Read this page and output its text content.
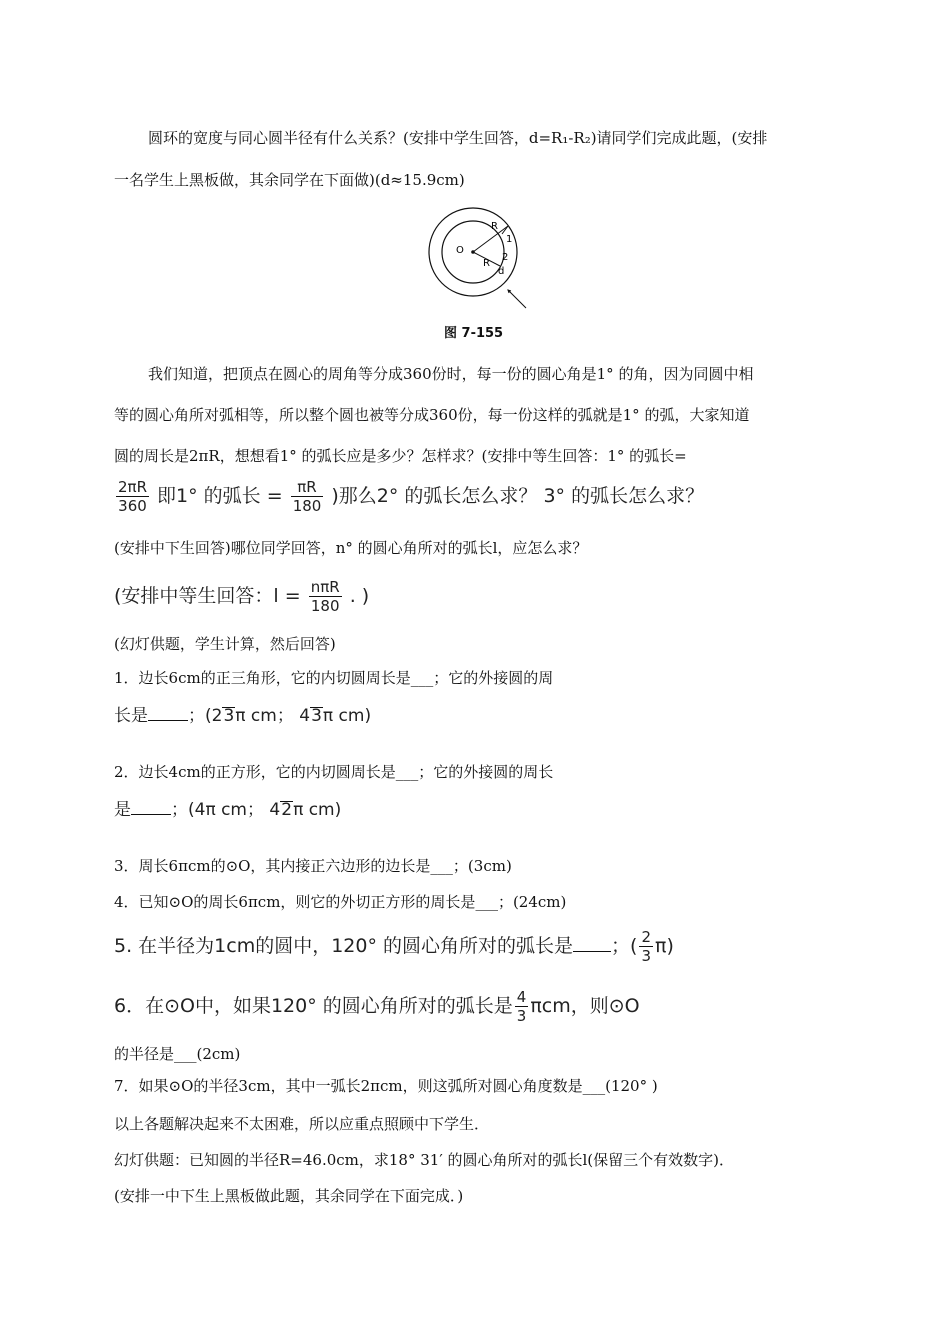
圆环的宽度与同心圆半径有什么关系？(安排中学生回答，d=R₁-R₂)请同学们完成此题，(安排
一名学生上黑板做，其余同学在下面做)(d≈15.9cm)
O
R
R
1
2
d
图 7-155
我们知道，把顶点在圆心的周角等分成360份时，每一份的圆心角是1° 的角，因为同圆中相
等的圆心角所对弧相等，所以整个圆也被等分成360份，每一份这样的弧就是1° 的弧，大家知道
圆的周长是2πR，想想看1° 的弧长应是多少？怎样求？(安排中等生回答：1° 的弧长=
$\frac{2\pi R}{360}$ 即1° 的弧长 = $\frac{\pi R}{180}$ )那么2° 的弧长怎么求？ 3° 的弧长怎么求？
(安排中下生回答)哪位同学回答，n° 的圆心角所对的弧长l，应怎么求？
(安排中等生回答：$l = \frac{\text{nπR}}{180}$ . )
(幻灯供题，学生计算，然后回答)
1．边长6cm的正三角形，它的内切圆周长是___；它的外接圆的周
长是 ；(23π cm； 43π cm)
2．边长4cm的正方形，它的内切圆周长是___；它的外接圆的周长
是 ；(4π cm； 42π cm)
3．周长6πcm的⊙O，其内接正六边形的边长是___；(3cm)
4．已知⊙O的周长6πcm，则它的外切正方形的周长是___；(24cm)
5. 在半径为1cm的圆中，120° 的圆心角所对的弧长是 ；( $\frac{2}{3} \pi$)
6．在⊙O中，如果120° 的圆心角所对的弧长是 $\frac{4}{3}$ πcm，则⊙O
的半径是___(2cm)
7．如果⊙O的半径3cm，其中一弧长2πcm，则这弧所对圆心角度数是___(120° )
以上各题解决起来不太困难，所以应重点照顾中下学生．
幻灯供题：已知圆的半径R=46.0cm，求18° 31′ 的圆心角所对的弧长l(保留三个有效数字)．
(安排一中下生上黑板做此题，其余同学在下面完成．)
